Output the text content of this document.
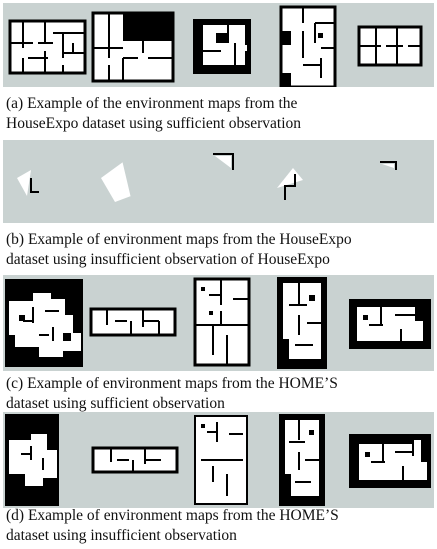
(a) Example of the environment maps from the
HouseExpo dataset using sufficient observation
(b) Example of environment maps from the HouseExpo
dataset using insufficient observation of HouseExpo
(c) Example of environment maps from the HOME’S
dataset using sufficient observation
(d) Example of environment maps from the HOME’S
dataset using insufficient observation
